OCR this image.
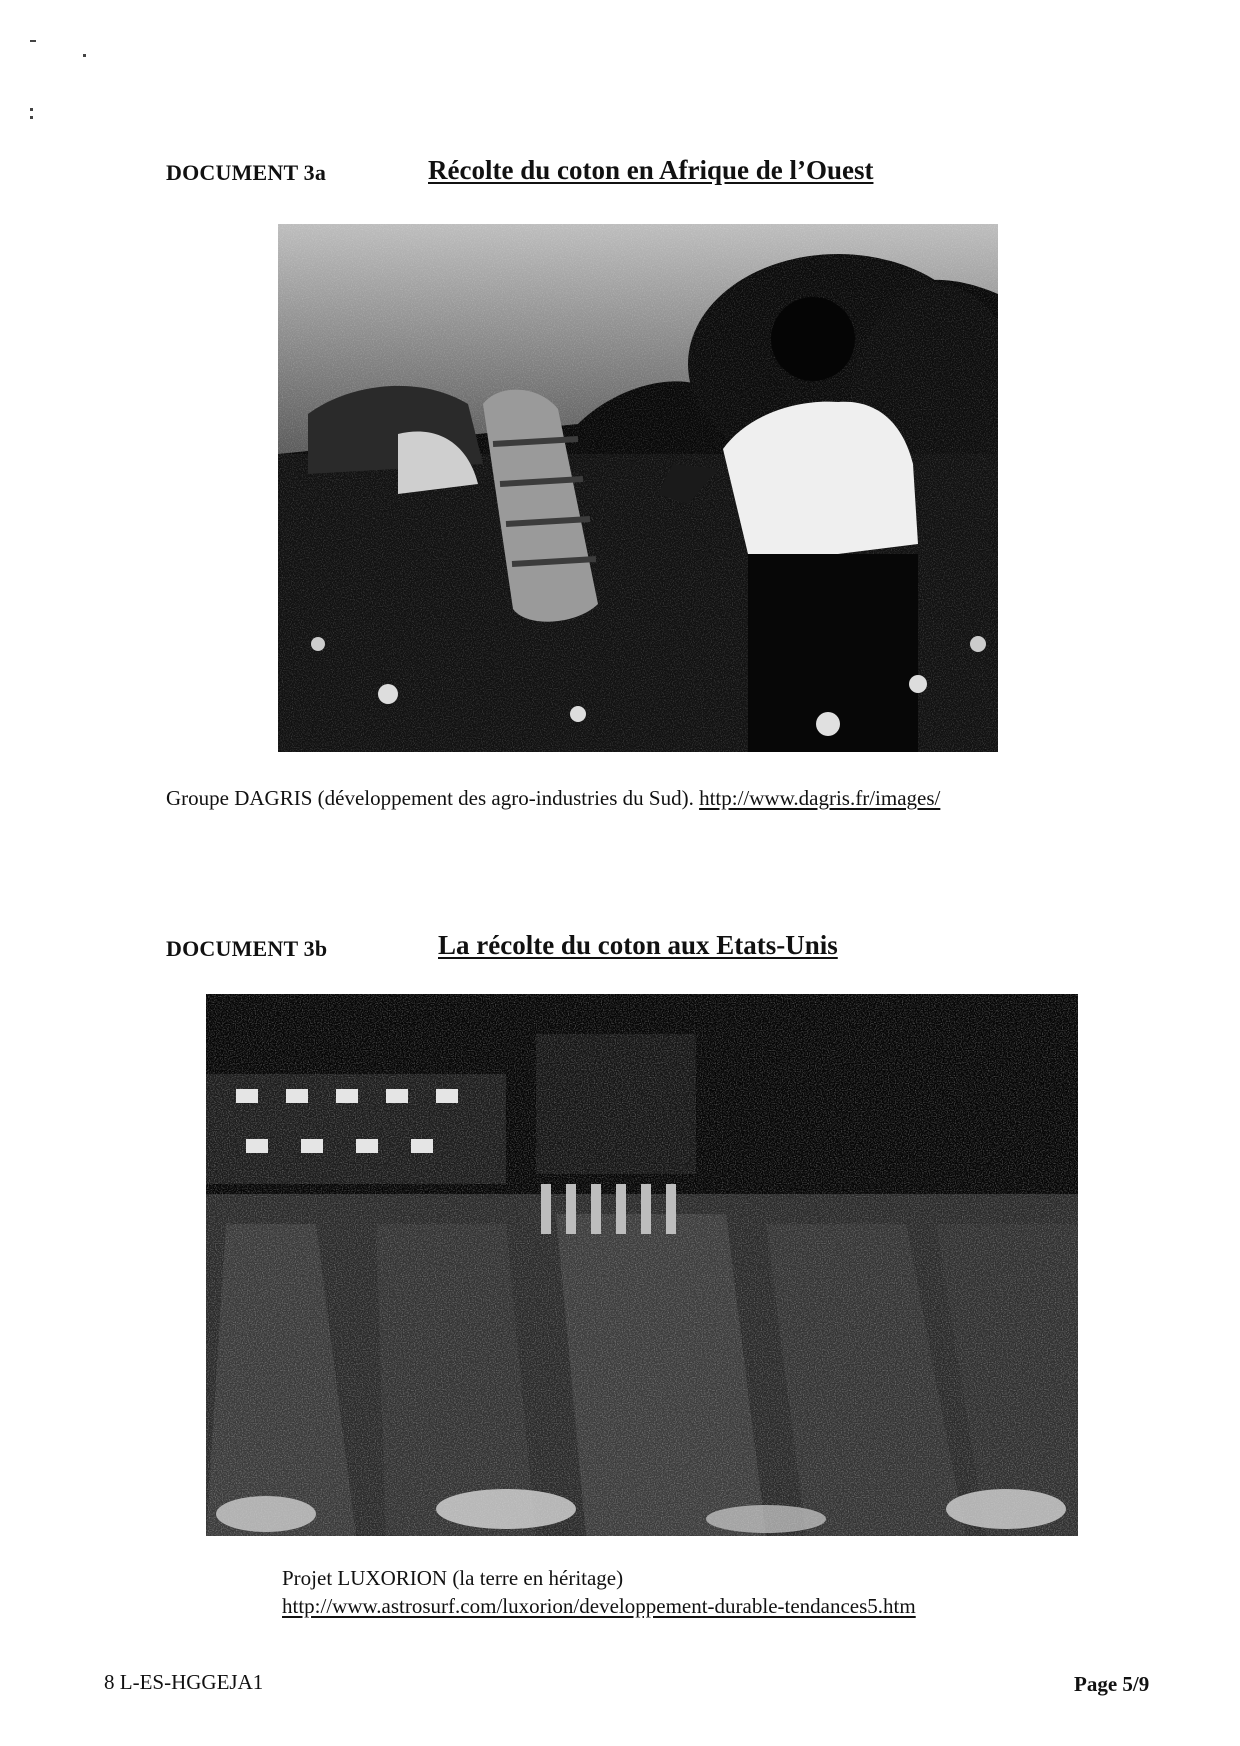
DOCUMENT 3a	Récolte du coton en Afrique de l’Ouest
Groupe DAGRIS (développement des agro-industries du Sud). http://www.dagris.fr/images/
DOCUMENT 3b	La récolte du coton aux Etats-Unis
Projet LUXORION (la terre en héritage)
http://www.astrosurf.com/luxorion/developpement-durable-tendances5.htm
8 L-ES-HGGEJA1	Page 5/9
